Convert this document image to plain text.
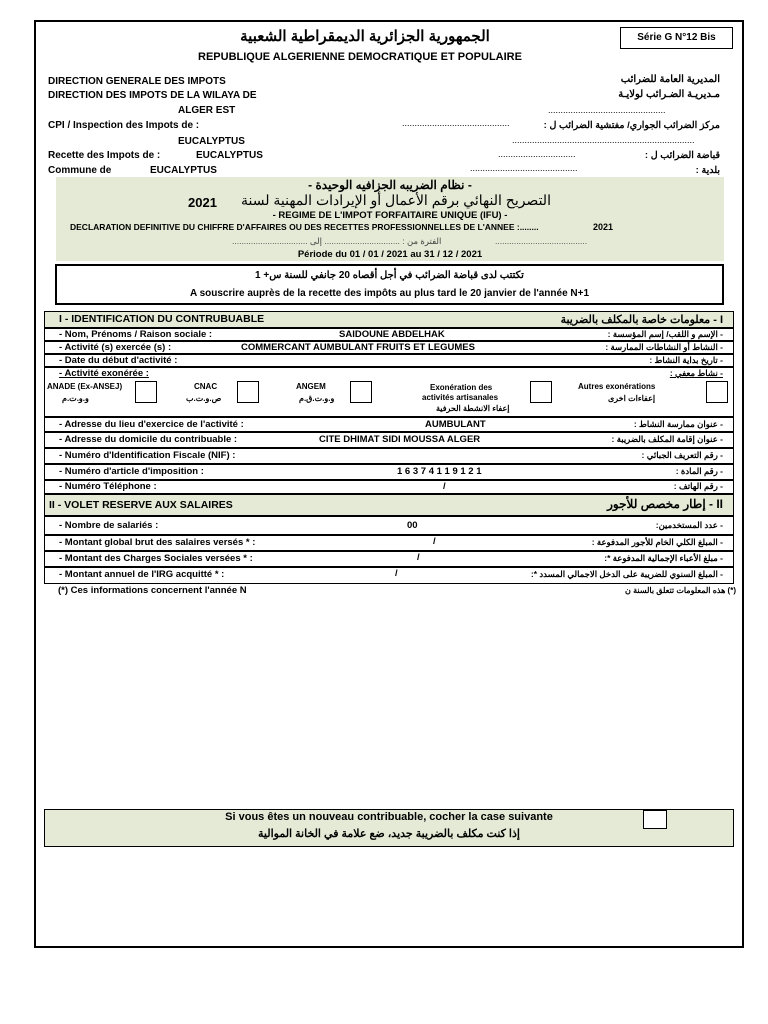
الجمهورية الجزائرية الديمقراطية الشعبية
REPUBLIQUE ALGERIENNE DEMOCRATIQUE ET POPULAIRE
Série G N°12 Bis
DIRECTION GENERALE DES IMPOTS
DIRECTION DES IMPOTS DE LA WILAYA DE
ALGER EST
CPI / Inspection des Impots de :
EUCALYPTUS
Recette des Impots de :	EUCALYPTUS
Commune de	EUCALYPTUS
المديرية العامة للضرائب
مـديريـة الضـرائب لولايـة
...............................................
مركز الضرائب الجواري/ مفتشية الضرائب ل :
...........................................
.........................................................................
قباضة الضرائب ل :
...............................
بلدية :
...........................................
- نظام الضريبه الجزافيه الوحيدة -
2021	التصريح النهائي برقم الأعمال أو الإيرادات المهنية لسنة
- REGIME DE L'IMPOT FORFAITAIRE UNIQUE (IFU) -
DECLARATION DEFINITIVE DU CHIFFRE D'AFFAIRES OU DES RECETTES PROFESSIONNELLES DE L'ANNEE :........	2021
الفترة من : ................................ إلى ................................	.......................................
Période du 01 / 01 / 2021 au 31 / 12 / 2021
تكتتب لدى قباضة الضرائب في أجل أقصاه 20 جانفي للسنة س+ 1
A souscrire auprès de la recette des impôts au plus tard le 20 janvier de l'année N+1
I - IDENTIFICATION DU CONTRUBUABLE	I - معلومات خاصة بالمكلف بالضريبة
- Nom, Prénoms / Raison sociale :	SAIDOUNE ABDELHAK	- الإسم و اللقب/ إسم المؤسسة :
- Activité (s) exercée (s) :	COMMERCANT AUMBULANT FRUITS ET LEGUMES	- النشاط أو النشاطات الممارسة :
- Date du début d'activité :	- تاريخ بداية النشاط :
- Activité exonérée :	- نشاط معفي :
ANADE (Ex-ANSEJ)
و.و.ت.م
CNAC
ص.و.ت.ب
ANGEM
و.و.ت.ق.م
Exonération des
activités artisanales
إعفاء الانشطة الحرفية
Autres exonérations
إعفاءات اخرى
- Adresse du lieu d'exercice de l'activité :	AUMBULANT	- عنوان ممارسة النشاط :
- Adresse du domicile du contribuable :	CITE DHIMAT SIDI MOUSSA ALGER	- عنوان إقامة المكلف بالضريبة :
- Numéro d'Identification Fiscale (NIF) :	- رقم التعريف الجبائي :
- Numéro d'article d'imposition :	1 6 3 7 4 1 1 9 1 2 1	- رقم المادة :
- Numéro Téléphone :	/	- رقم الهاتف :
II - VOLET RESERVE AUX SALAIRES	II - إطار مخصص للأجور
- Nombre de salariés :	00	- عدد المستخدمين:
- Montant global brut des salaires versés * :	/	- المبلغ الكلي الخام للأجور المدفوعة :
- Montant des Charges Sociales versées * :	/	- مبلغ الأعباء الإجمالية المدفوعة *:
- Montant annuel de l'IRG acquitté * :	/	- المبلغ السنوي للضريبة على الدخل الاجمالي المسدد *:
(*) Ces informations concernent l'année N	(*) هذه المعلومات تتعلق بالسنة ن
Si vous êtes un nouveau contribuable, cocher la case suivante
إذا كنت مكلف بالضريبة جديد، ضع علامة في الخانة الموالية
